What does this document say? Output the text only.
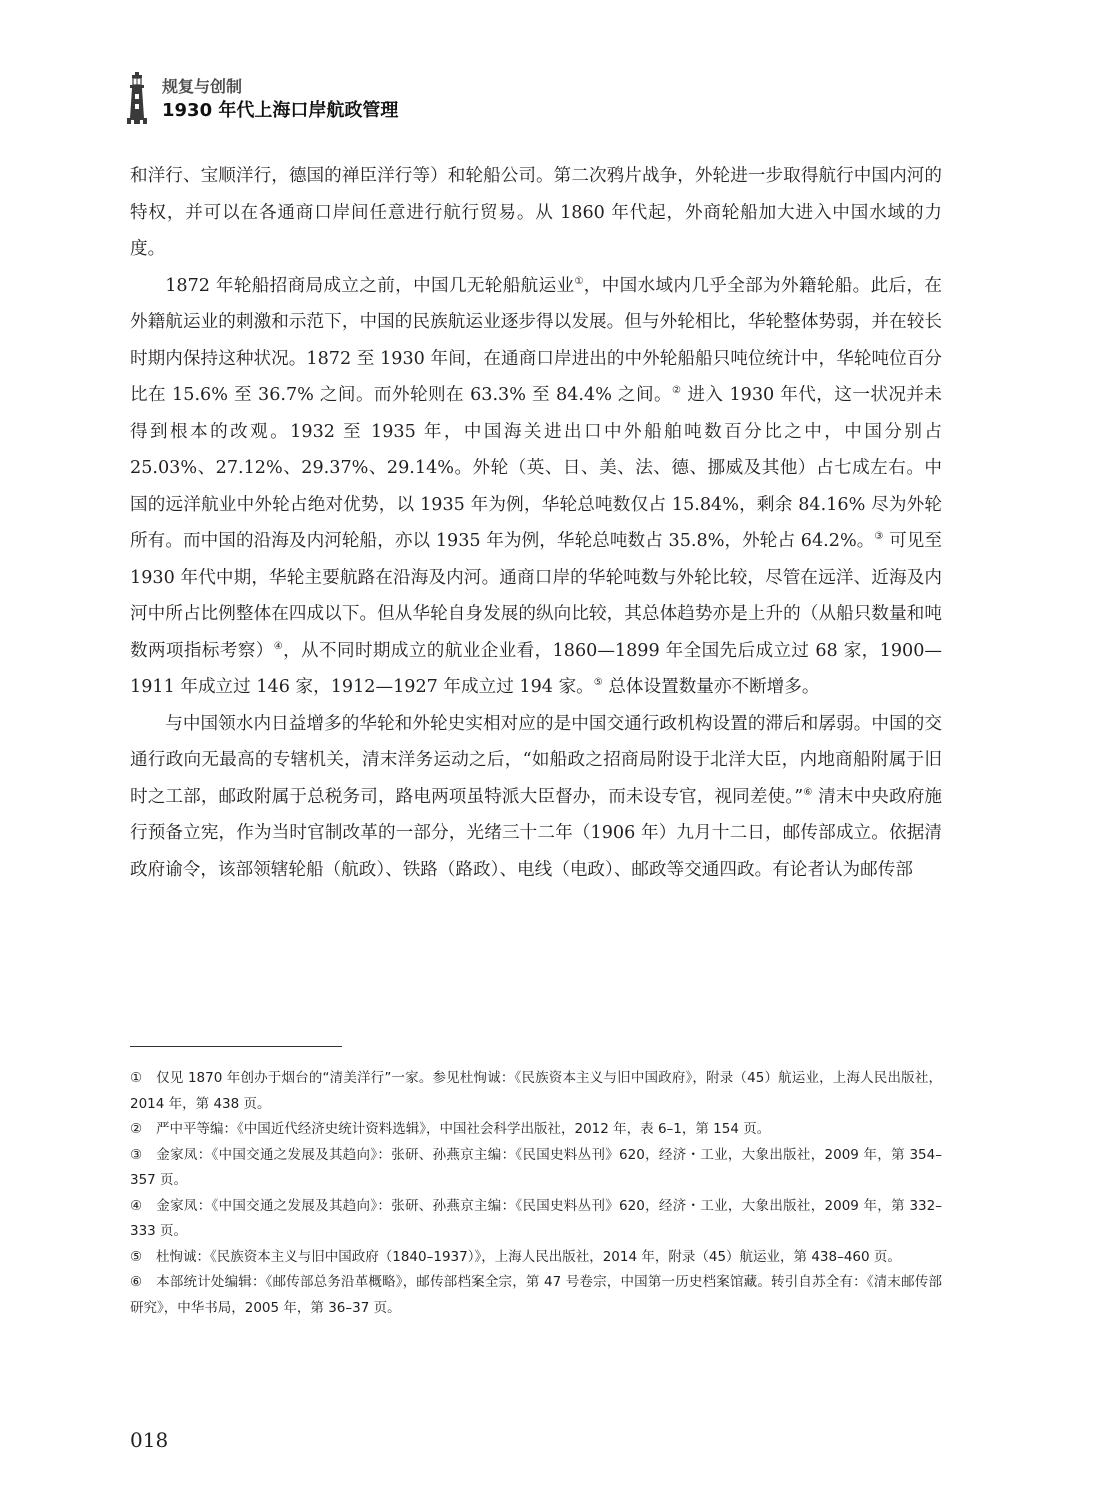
规复与创制
1930 年代上海口岸航政管理

和洋行、宝顺洋行，德国的禅臣洋行等）和轮船公司。第二次鸦片战争，外轮进一步取得航行中国内河的特权，并可以在各通商口岸间任意进行航行贸易。从 1860 年代起，外商轮船加大进入中国水域的力度。

1872 年轮船招商局成立之前，中国几无轮船航运业①，中国水域内几乎全部为外籍轮船。此后，在外籍航运业的刺激和示范下，中国的民族航运业逐步得以发展。但与外轮相比，华轮整体势弱，并在较长时期内保持这种状况。1872 至 1930 年间，在通商口岸进出的中外轮船船只吨位统计中，华轮吨位百分比在 15.6% 至 36.7% 之间。而外轮则在 63.3% 至 84.4% 之间。② 进入 1930 年代，这一状况并未得到根本的改观。1932 至 1935 年，中国海关进出口中外船舶吨数百分比之中，中国分别占 25.03%、27.12%、29.37%、29.14%。外轮（英、日、美、法、德、挪威及其他）占七成左右。中国的远洋航业中外轮占绝对优势，以 1935 年为例，华轮总吨数仅占 15.84%，剩余 84.16% 尽为外轮所有。而中国的沿海及内河轮船，亦以 1935 年为例，华轮总吨数占 35.8%，外轮占 64.2%。③ 可见至 1930 年代中期，华轮主要航路在沿海及内河。通商口岸的华轮吨数与外轮比较，尽管在远洋、近海及内河中所占比例整体在四成以下。但从华轮自身发展的纵向比较，其总体趋势亦是上升的（从船只数量和吨数两项指标考察）④，从不同时期成立的航业企业看，1860—1899 年全国先后成立过 68 家，1900—1911 年成立过 146 家，1912—1927 年成立过 194 家。⑤ 总体设置数量亦不断增多。

与中国领水内日益增多的华轮和外轮史实相对应的是中国交通行政机构设置的滞后和孱弱。中国的交通行政向无最高的专辖机关，清末洋务运动之后，“如船政之招商局附设于北洋大臣，内地商船附属于旧时之工部，邮政附属于总税务司，路电两项虽特派大臣督办，而未设专官，视同差使。”⑥ 清末中央政府施行预备立宪，作为当时官制改革的一部分，光绪三十二年（1906 年）九月十二日，邮传部成立。依据清政府谕令，该部领辖轮船（航政）、铁路（路政）、电线（电政）、邮政等交通四政。有论者认为邮传部

① 仅见 1870 年创办于烟台的“清美洋行”一家。参见杜恂诚：《民族资本主义与旧中国政府》，附录（45）航运业，上海人民出版社，2014 年，第 438 页。

② 严中平等编：《中国近代经济史统计资料选辑》，中国社会科学出版社，2012 年，表 6–1，第 154 页。

③ 金家凤：《中国交通之发展及其趋向》：张研、孙燕京主编：《民国史料丛刊》620，经济・工业，大象出版社，2009 年，第 354–357 页。

④ 金家凤：《中国交通之发展及其趋向》：张研、孙燕京主编：《民国史料丛刊》620，经济・工业，大象出版社，2009 年，第 332–333 页。

⑤ 杜恂诚：《民族资本主义与旧中国政府（1840–1937）》，上海人民出版社，2014 年，附录（45）航运业，第 438–460 页。

⑥ 本部统计处编辑：《邮传部总务沿革概略》，邮传部档案全宗，第 47 号卷宗，中国第一历史档案馆藏。转引自苏全有：《清末邮传部研究》，中华书局，2005 年，第 36–37 页。

018
